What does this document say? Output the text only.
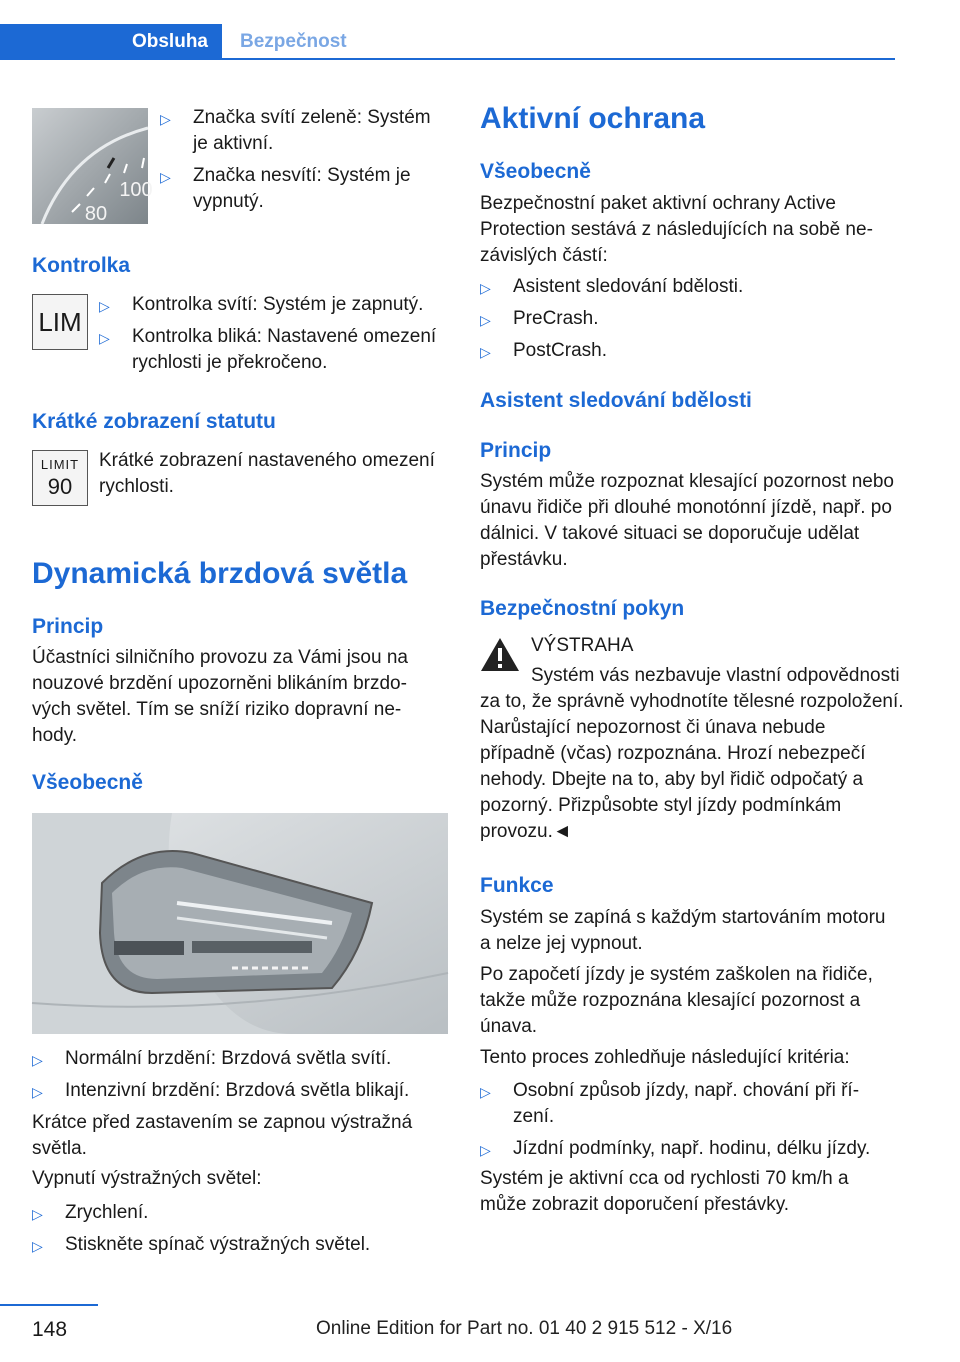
Obsluha	Bezpečnost
100
80
▷ Značka svítí zeleně: Systém je aktivní.
▷ Značka nesvítí: Systém je vypnutý.
Kontrolka
LIM
▷ Kontrolka svítí: Systém je zapnutý.
▷ Kontrolka bliká: Nastavené omezení rychlosti je překročeno.
Krátké zobrazení statutu
LIMIT
90
Krátké zobrazení nastaveného omezení rychlosti.
Dynamická brzdová světla
Princip
Účastníci silničního provozu za Vámi jsou na nouzové brzdění upozorněni blikáním brzdových světel. Tím se sníží riziko dopravní nehody.
Všeobecně
▷ Normální brzdění: Brzdová světla svítí.
▷ Intenzivní brzdění: Brzdová světla blikají.
Krátce před zastavením se zapnou výstražná světla.
Vypnutí výstražných světel:
▷ Zrychlení.
▷ Stiskněte spínač výstražných světel.
Aktivní ochrana
Všeobecně
Bezpečnostní paket aktivní ochrany Active Protection sestává z následujících na sobě nezávislých částí:
▷ Asistent sledování bdělosti.
▷ PreCrash.
▷ PostCrash.
Asistent sledování bdělosti
Princip
Systém může rozpoznat klesající pozornost nebo únavu řidiče při dlouhé monotónní jízdě, např. po dálnici. V takové situaci se doporučuje udělat přestávku.
Bezpečnostní pokyn
VÝSTRAHA
Systém vás nezbavuje vlastní odpovědnosti za to, že správně vyhodnotíte tělesné rozpoložení. Narůstající nepozornost či únava nebude případně (včas) rozpoznána. Hrozí nebezpečí nehody. Dbejte na to, aby byl řidič odpočatý a pozorný. Přizpůsobte styl jízdy podmínkám provozu.◄
Funkce
Systém se zapíná s každým startováním motoru a nelze jej vypnout.
Po započetí jízdy je systém zaškolen na řidiče, takže může rozpoznána klesající pozornost a únava.
Tento proces zohledňuje následující kritéria:
▷ Osobní způsob jízdy, např. chování při řízení.
▷ Jízdní podmínky, např. hodinu, délku jízdy.
Systém je aktivní cca od rychlosti 70 km/h a může zobrazit doporučení přestávky.
148	Online Edition for Part no. 01 40 2 915 512 - X/16
